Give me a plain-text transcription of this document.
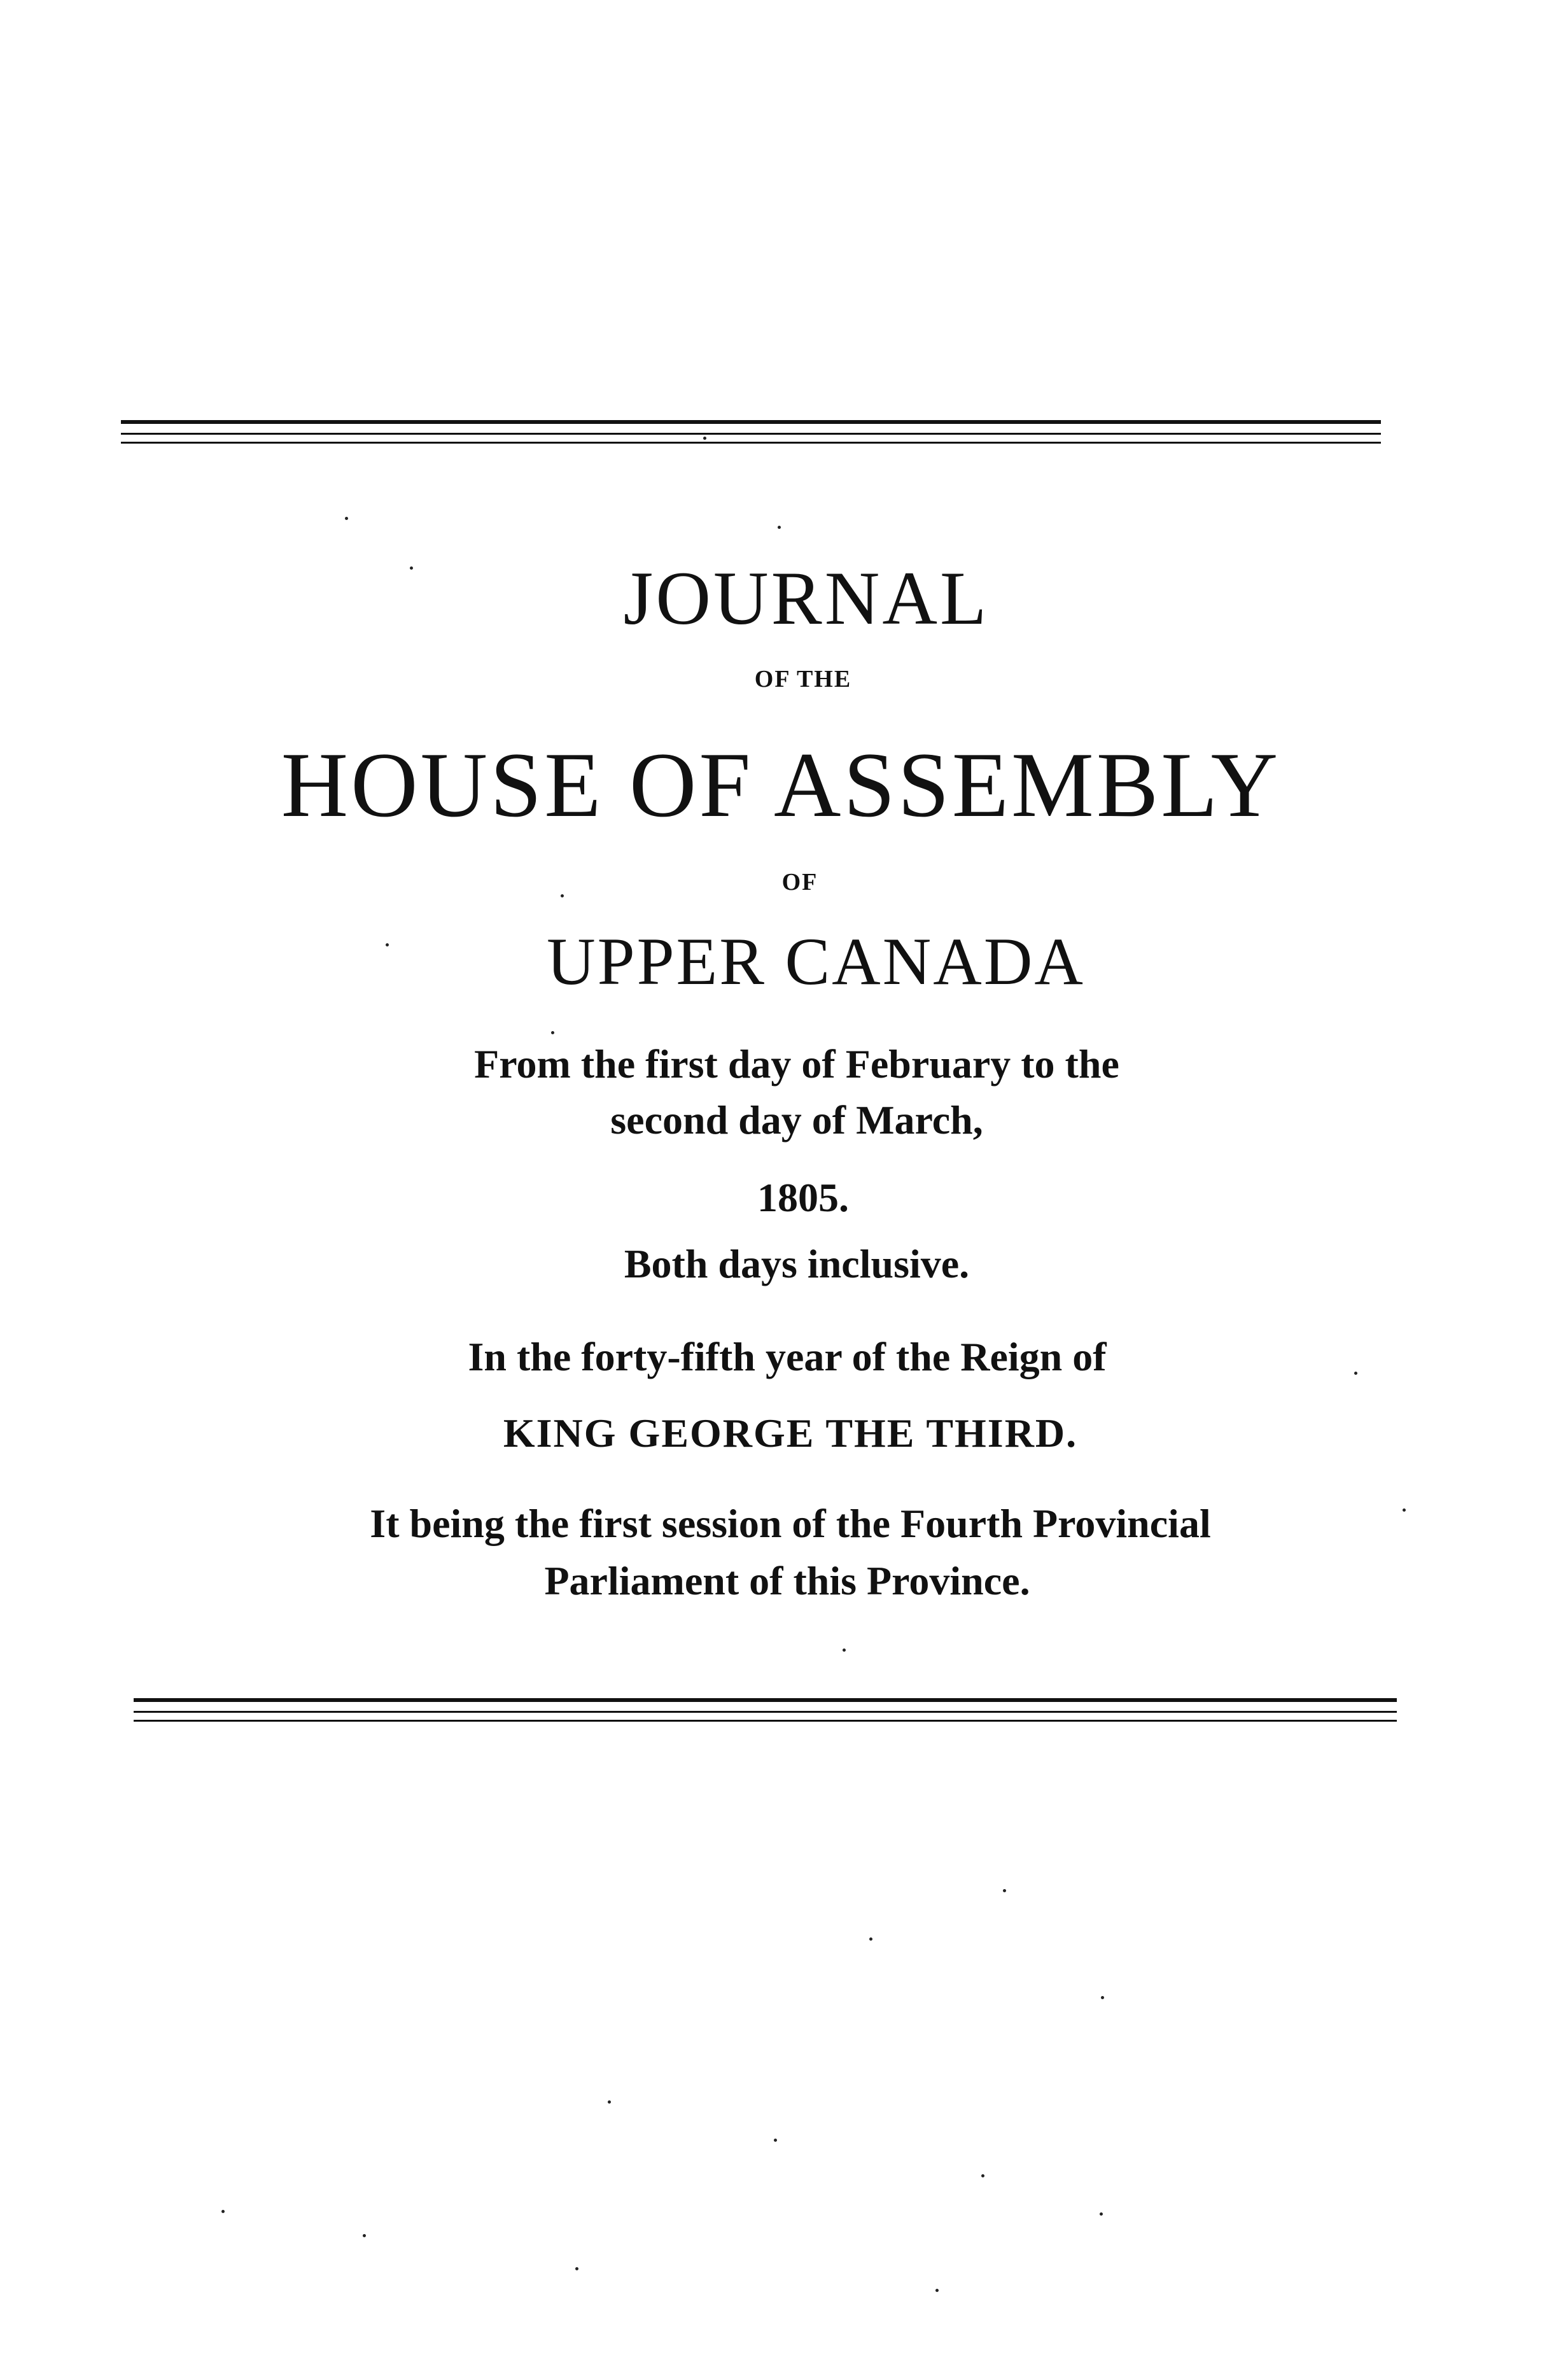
JOURNAL
OF THE
HOUSE OF ASSEMBLY
OF
UPPER CANADA
From the first day of February to the
second day of March,
1805.
Both days inclusive.
In the forty-fifth year of the Reign of
KING GEORGE THE THIRD.
It being the first session of the Fourth Provincial
Parliament of this Province.
